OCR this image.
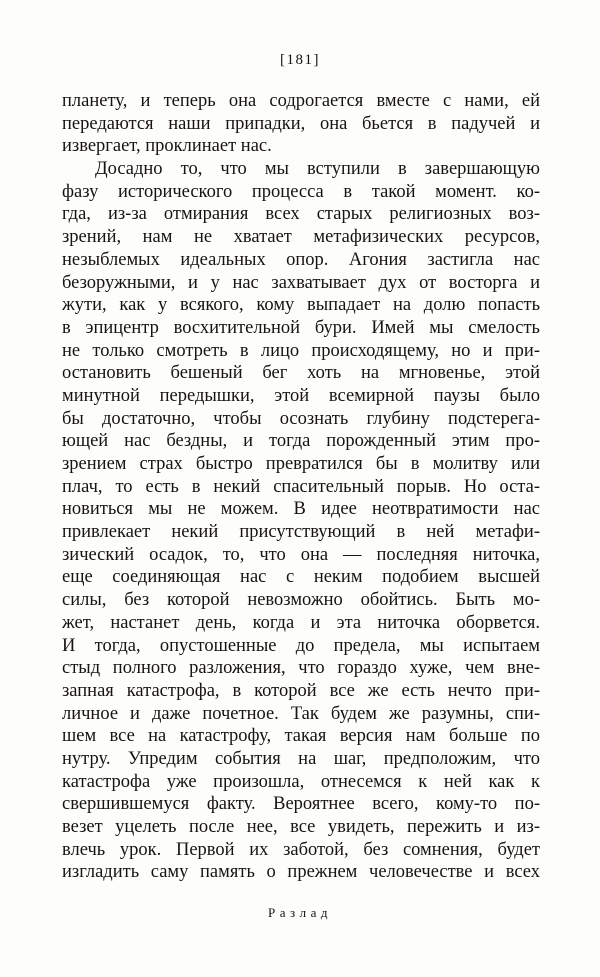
[181]
планету, и теперь она содрогается вместе с нами, ей
передаются наши припадки, она бьется в падучей и
извергает, проклинает нас.
Досадно то, что мы вступили в завершающую
фазу исторического процесса в такой момент. ко-
гда, из-за отмирания всех старых религиозных воз-
зрений, нам не хватает метафизических ресурсов,
незыблемых идеальных опор. Агония застигла нас
безоружными, и у нас захватывает дух от восторга и
жути, как у всякого, кому выпадает на долю попасть
в эпицентр восхитительной бури. Имей мы смелость
не только смотреть в лицо происходящему, но и при-
остановить бешеный бег хоть на мгновенье, этой
минутной передышки, этой всемирной паузы было
бы достаточно, чтобы осознать глубину подстерега-
ющей нас бездны, и тогда порожденный этим про-
зрением страх быстро превратился бы в молитву или
плач, то есть в некий спасительный порыв. Но оста-
новиться мы не можем. В идее неотвратимости нас
привлекает некий присутствующий в ней метафи-
зический осадок, то, что она — последняя ниточка,
еще соединяющая нас с неким подобием высшей
силы, без которой невозможно обойтись. Быть мо-
жет, настанет день, когда и эта ниточка оборвется.
И тогда, опустошенные до предела, мы испытаем
стыд полного разложения, что гораздо хуже, чем вне-
запная катастрофа, в которой все же есть нечто при-
личное и даже почетное. Так будем же разумны, спи-
шем все на катастрофу, такая версия нам больше по
нутру. Упредим события на шаг, предположим, что
катастрофа уже произошла, отнесемся к ней как к
свершившемуся факту. Вероятнее всего, кому-то по-
везет уцелеть после нее, все увидеть, пережить и из-
влечь урок. Первой их заботой, без сомнения, будет
изгладить саму память о прежнем человечестве и всех
Разлад
